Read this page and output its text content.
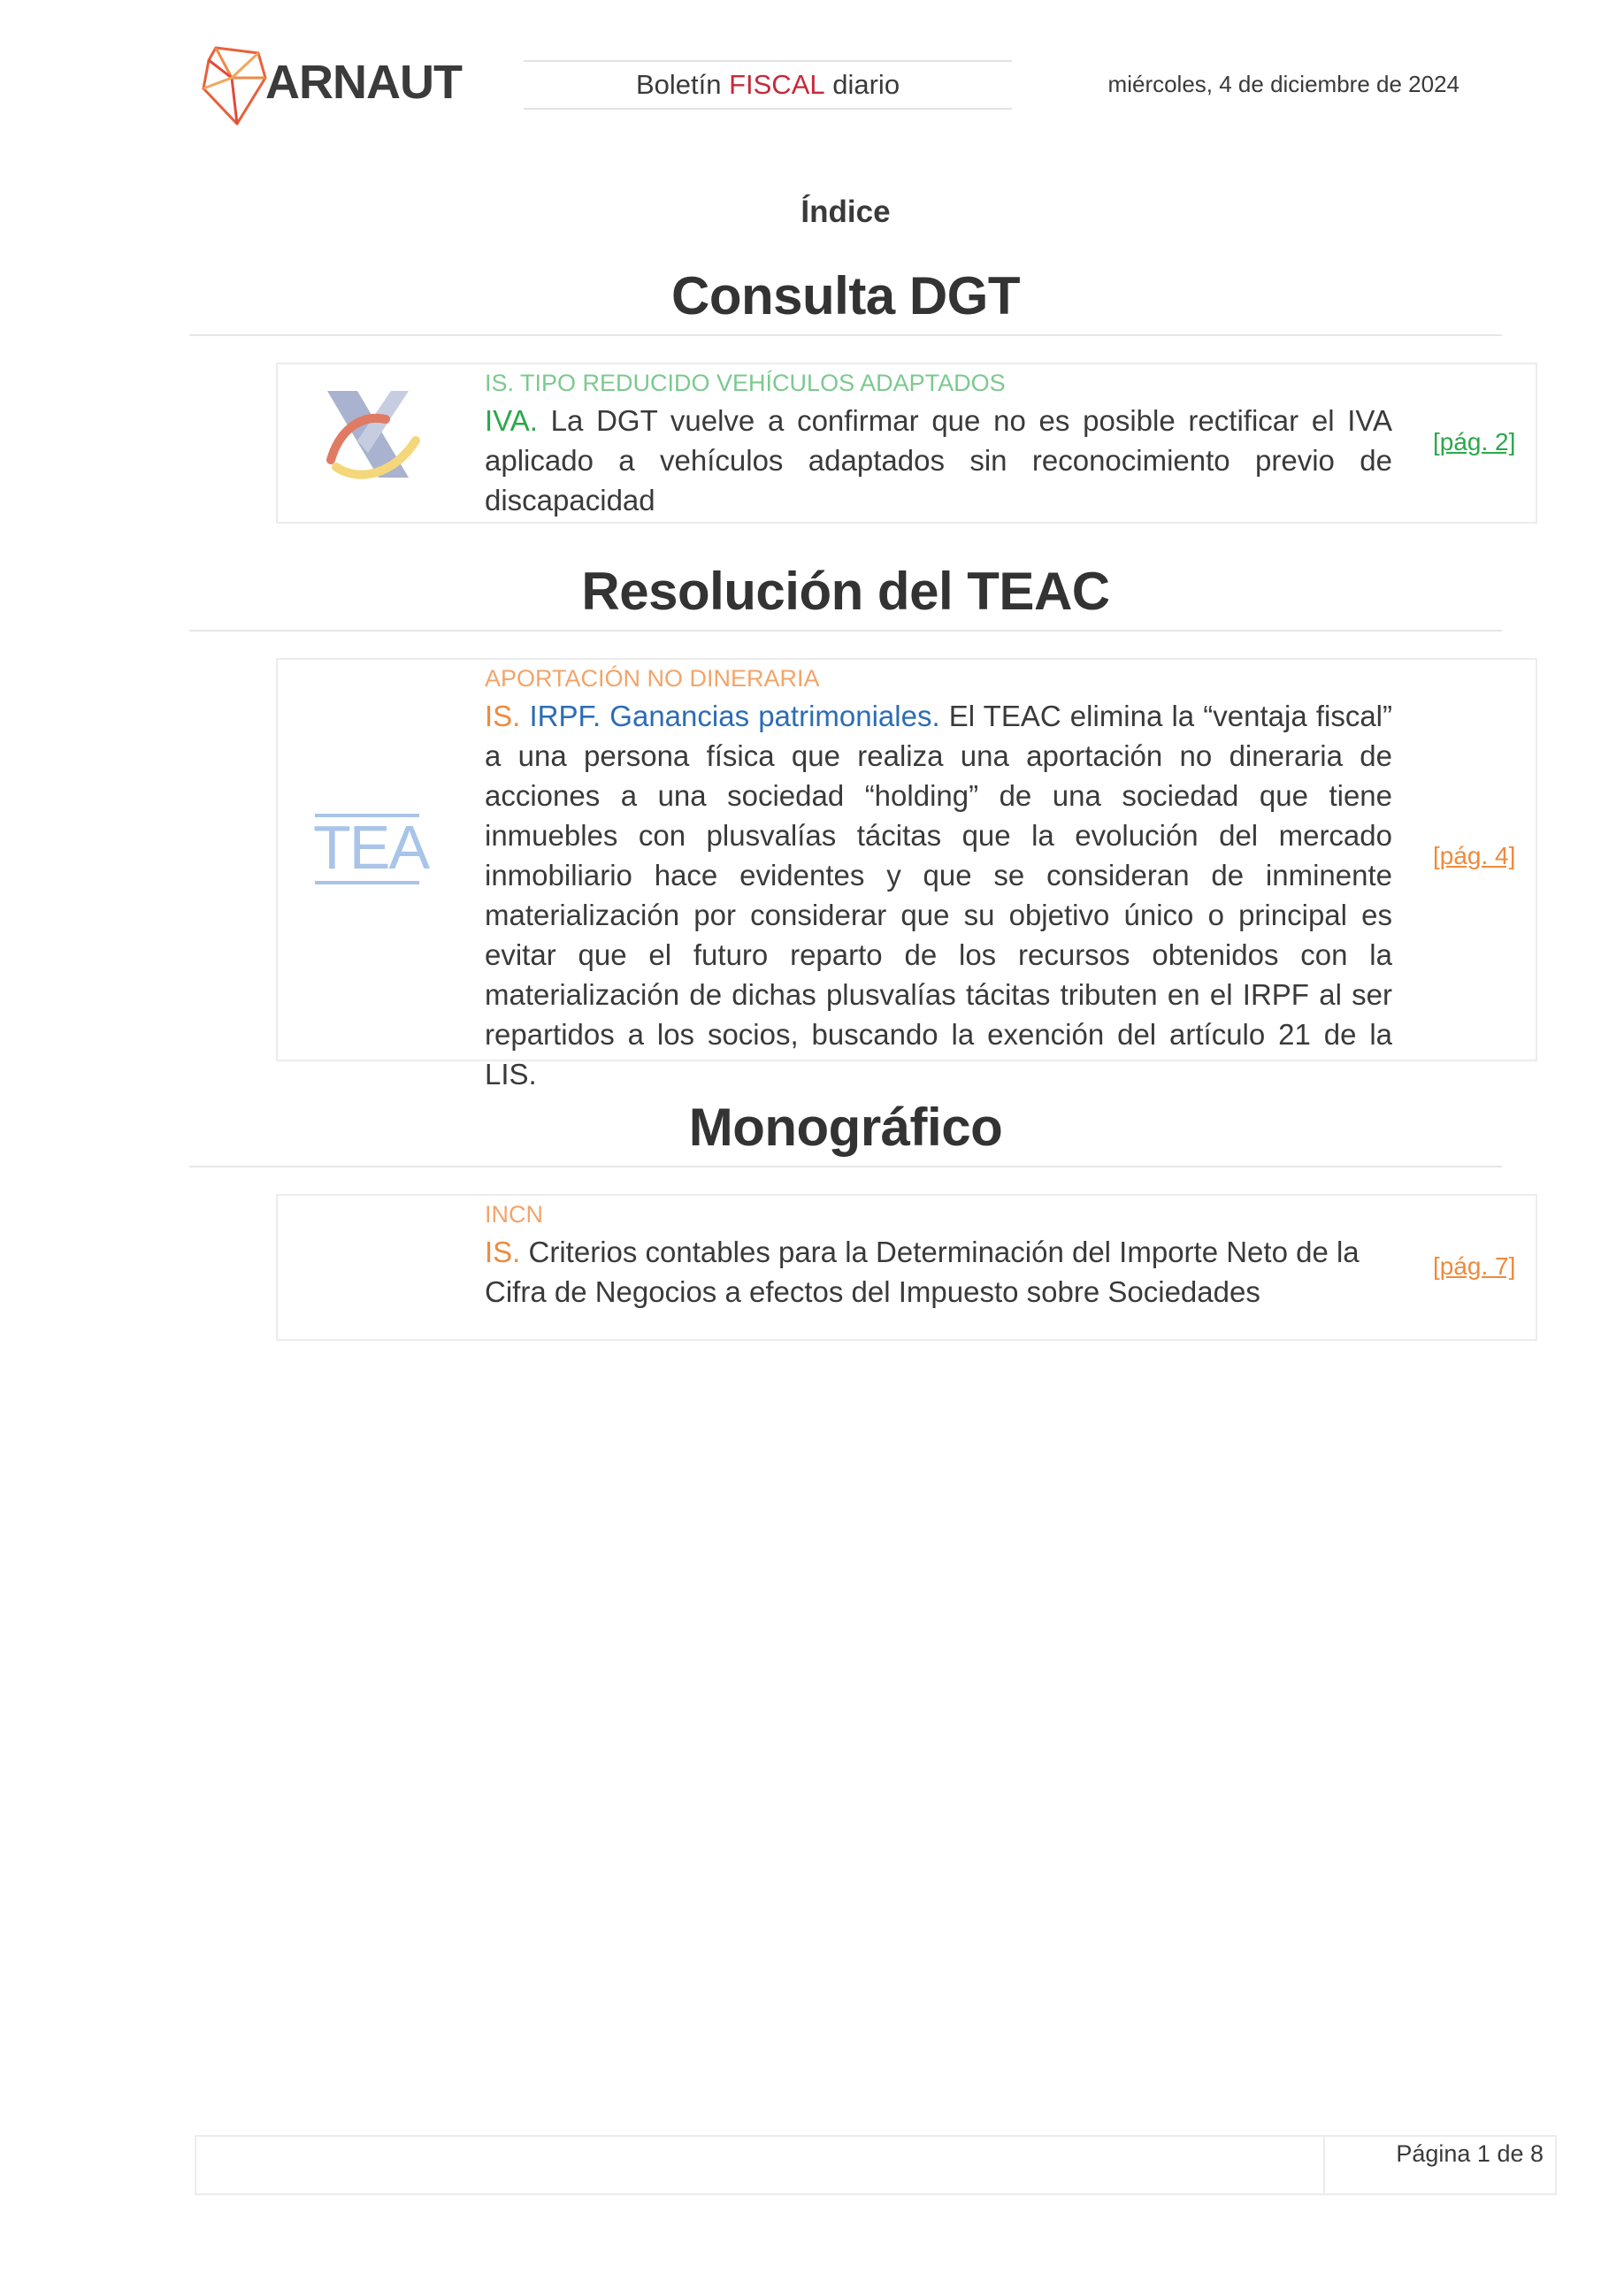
ARNAUT	Boletín
FISCAL
diario	miércoles, 4 de diciembre de 2024
Índice
Consulta DGT
IS. TIPO REDUCIDO VEHÍCULOS ADAPTADOS

IVA. La DGT vuelve a confirmar que no es posible rectificar el IVA aplicado a vehículos adaptados sin reconocimiento previo de discapacidad

[pág. 2]
Resolución del TEAC
TEA
APORTACIÓN NO DINERARIA

IS. IRPF. Ganancias patrimoniales. El TEAC elimina la “ventaja fiscal” a una persona física que realiza una aportación no dineraria de acciones a una sociedad “holding” de una sociedad que tiene inmuebles con plusvalías tácitas que la evolución del mercado inmobiliario hace evidentes y que se consideran de inminente materialización por considerar que su objetivo único o principal es evitar que el futuro reparto de los recursos obtenidos con la materialización de dichas plusvalías tácitas tributen en el IRPF al ser repartidos a los socios, buscando la exención del artículo 21 de la LIS.

[pág. 4]
Monográfico
INCN

IS. Criterios contables para la Determinación del Importe Neto de la Cifra de Negocios a efectos del Impuesto sobre Sociedades

[pág. 7]
Página 1 de 8
